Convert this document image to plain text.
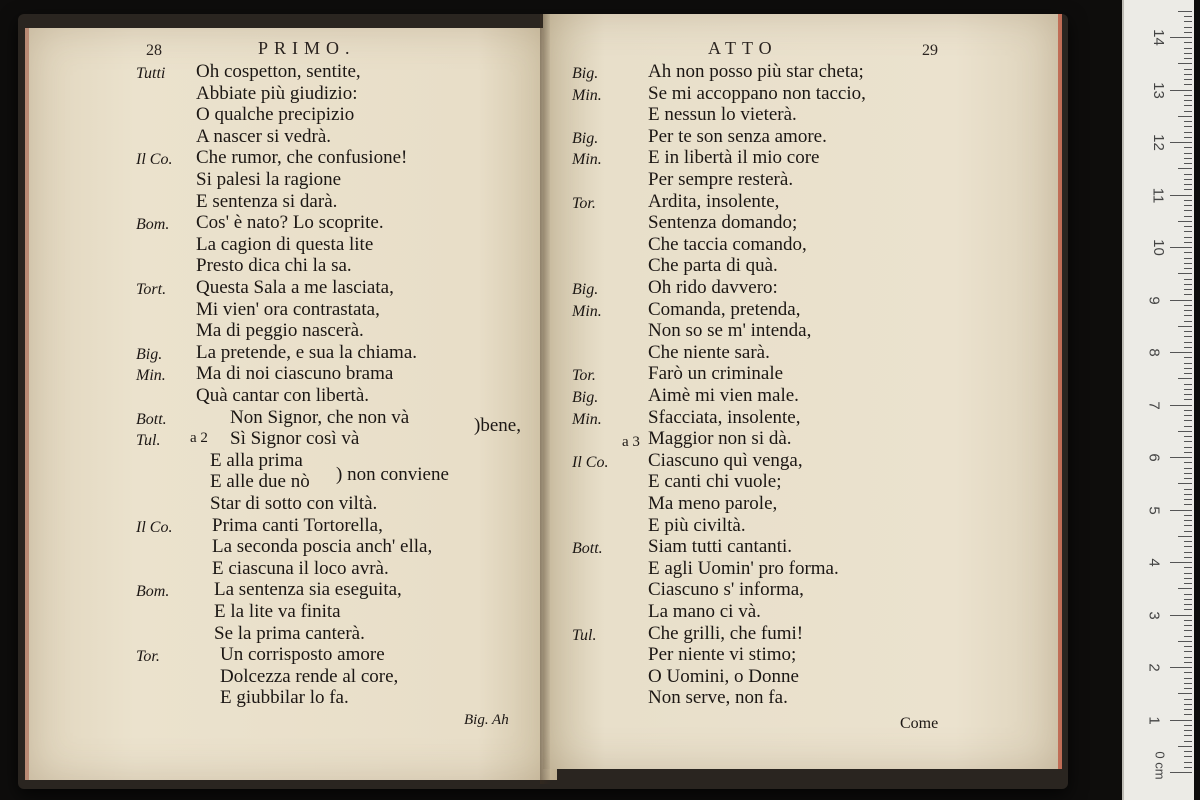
28	PRIMO.	ATTO	29
Tutti Oh cospetton, sentite,
Abbiate più giudizio:
O qualche precipizio
A nascer si vedrà.
Il Co. Che rumor, che confusione!
Si palesi la ragione
E sentenza si darà.
Bom. Cos' è nato? Lo scoprite.
La cagion di questa lite
Presto dica chi la sa.
Tort. Questa Sala a me lasciata,
Mi vien' ora contrastata,
Ma di peggio nascerà.
Big. La pretende, e sua la chiama.
Min. Ma di noi ciascuno brama
Quà cantar con libertà.
Bott.	Non Signor, che non và
Tul.	Sì Signor così và
E alla prima
E alle due nò
Star di sotto con viltà.
Il Co. Prima canti Tortorella,
La seconda poscia anch' ella,
E ciascuna il loco avrà.
Bom. La sentenza sia eseguita,
E la lite va finita
Se la prima canterà.
Tor.	Un corrisposto amore
Dolcezza rende al core,
E giubbilar lo fa.
Big.	Ah non posso più star cheta;
Min. Se mi accoppano non taccio,
E nessun lo vieterà.
Big.	Per te son senza amore.
Min. E in libertà il mio core
Per sempre resterà.
Tor.	Ardita, insolente,
Sentenza domando;
Che taccia comando,
Che parta di quà.
Big.	Oh rido davvero:
Min. Comanda, pretenda,
Non so se m' intenda,
Che niente sarà.
Tor.	Farò un criminale
Big.	Aimè mi vien male.
Min. Sfacciata, insolente,
Maggior non si dà.
Il Co. Ciascuno quì venga,
E canti chi vuole;
Ma meno parole,
E più civiltà.
Bott. Siam tutti cantanti.
E agli Uomin' pro forma.
Ciascuno s' informa,
La mano ci và.
Tul.	Che grilli, che fumi!
Per niente vi stimo;
O Uomini, o Donne
Non serve, non fa.
a 2
)bene,
) non conviene
Big. Ah
a 3
Come	1
2
3
4
5
6
7
8
9
10
11
12
13
14
0 cm
